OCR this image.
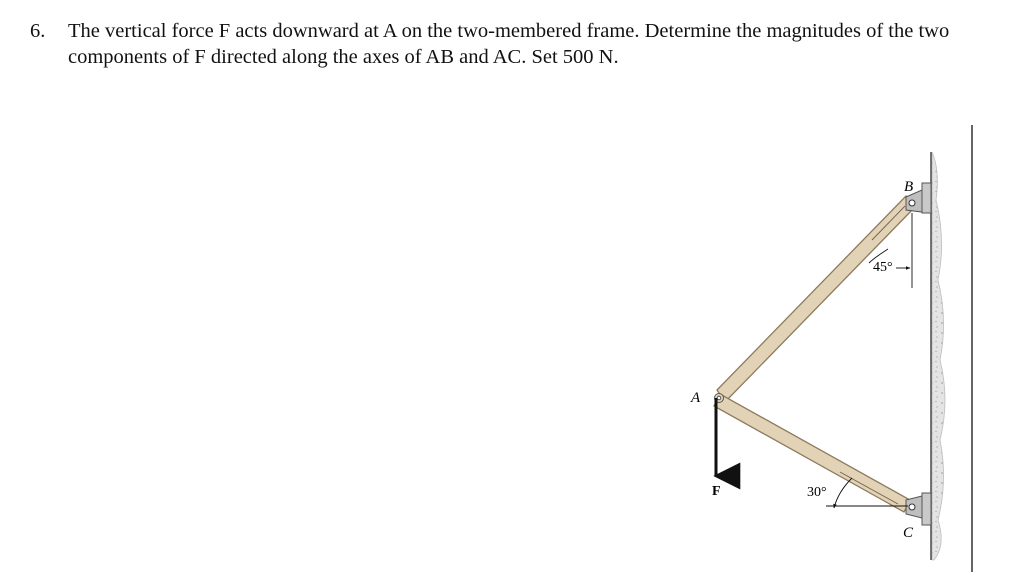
6. The vertical force F acts downward at A on the two-membered frame. Determine the magnitudes of the two components of F directed along the axes of AB and AC. Set 500 N.
A
B
C
F
45°
30°
